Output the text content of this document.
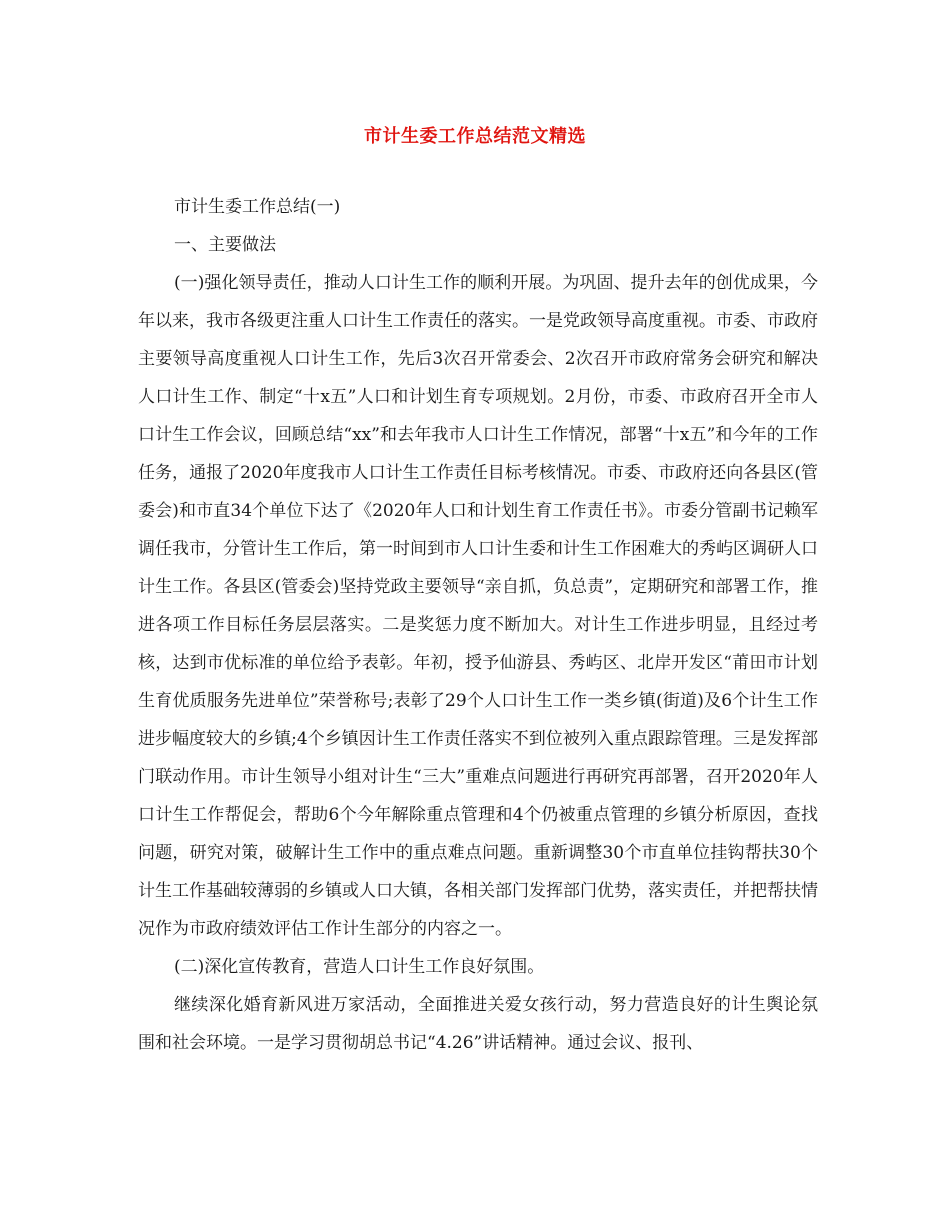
市计生委工作总结范文精选

市计生委工作总结(一)

一、主要做法

(一)强化领导责任，推动人口计生工作的顺利开展。为巩固、提升去年的创优成果，今年以来，我市各级更注重人口计生工作责任的落实。一是党政领导高度重视。市委、市政府主要领导高度重视人口计生工作，先后3次召开常委会、2次召开市政府常务会研究和解决人口计生工作、制定“十x五”人口和计划生育专项规划。2月份，市委、市政府召开全市人口计生工作会议，回顾总结“xx”和去年我市人口计生工作情况，部署“十x五”和今年的工作任务，通报了2020年度我市人口计生工作责任目标考核情况。市委、市政府还向各县区(管委会)和市直34个单位下达了《2020年人口和计划生育工作责任书》。市委分管副书记赖军调任我市，分管计生工作后，第一时间到市人口计生委和计生工作困难大的秀屿区调研人口计生工作。各县区(管委会)坚持党政主要领导“亲自抓，负总责”，定期研究和部署工作，推进各项工作目标任务层层落实。二是奖惩力度不断加大。对计生工作进步明显，且经过考核，达到市优标准的单位给予表彰。年初，授予仙游县、秀屿区、北岸开发区“莆田市计划生育优质服务先进单位”荣誉称号;表彰了29个人口计生工作一类乡镇(街道)及6个计生工作进步幅度较大的乡镇;4个乡镇因计生工作责任落实不到位被列入重点跟踪管理。三是发挥部门联动作用。市计生领导小组对计生“三大”重难点问题进行再研究再部署，召开2020年人口计生工作帮促会，帮助6个今年解除重点管理和4个仍被重点管理的乡镇分析原因，查找问题，研究对策，破解计生工作中的重点难点问题。重新调整30个市直单位挂钩帮扶30个计生工作基础较薄弱的乡镇或人口大镇，各相关部门发挥部门优势，落实责任，并把帮扶情况作为市政府绩效评估工作计生部分的内容之一。

(二)深化宣传教育，营造人口计生工作良好氛围。

继续深化婚育新风进万家活动，全面推进关爱女孩行动，努力营造良好的计生舆论氛围和社会环境。一是学习贯彻胡总书记“4.26”讲话精神。通过会议、报刊、
